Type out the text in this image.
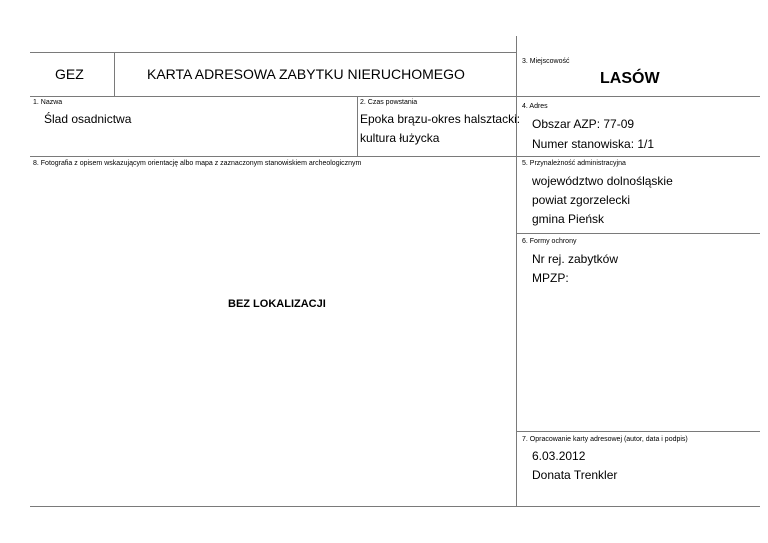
GEZ	KARTA ADRESOWA ZABYTKU NIERUCHOMEGO
3. Miejscowość
LASÓW
1. Nazwa
Ślad osadnictwa
2. Czas powstania
Epoka brązu-okres halsztacki:
kultura łużycka
4. Adres
Obszar AZP: 77-09
Numer stanowiska: 1/1
8. Fotografia z opisem wskazującym orientację albo mapa z zaznaczonym stanowiskiem archeologicznym
BEZ LOKALIZACJI
5. Przynależność administracyjna
województwo dolnośląskie
powiat zgorzelecki
gmina Pieńsk
6. Formy ochrony
Nr rej. zabytków
MPZP:
7. Opracowanie karty adresowej (autor, data i podpis)
6.03.2012
Donata Trenkler
